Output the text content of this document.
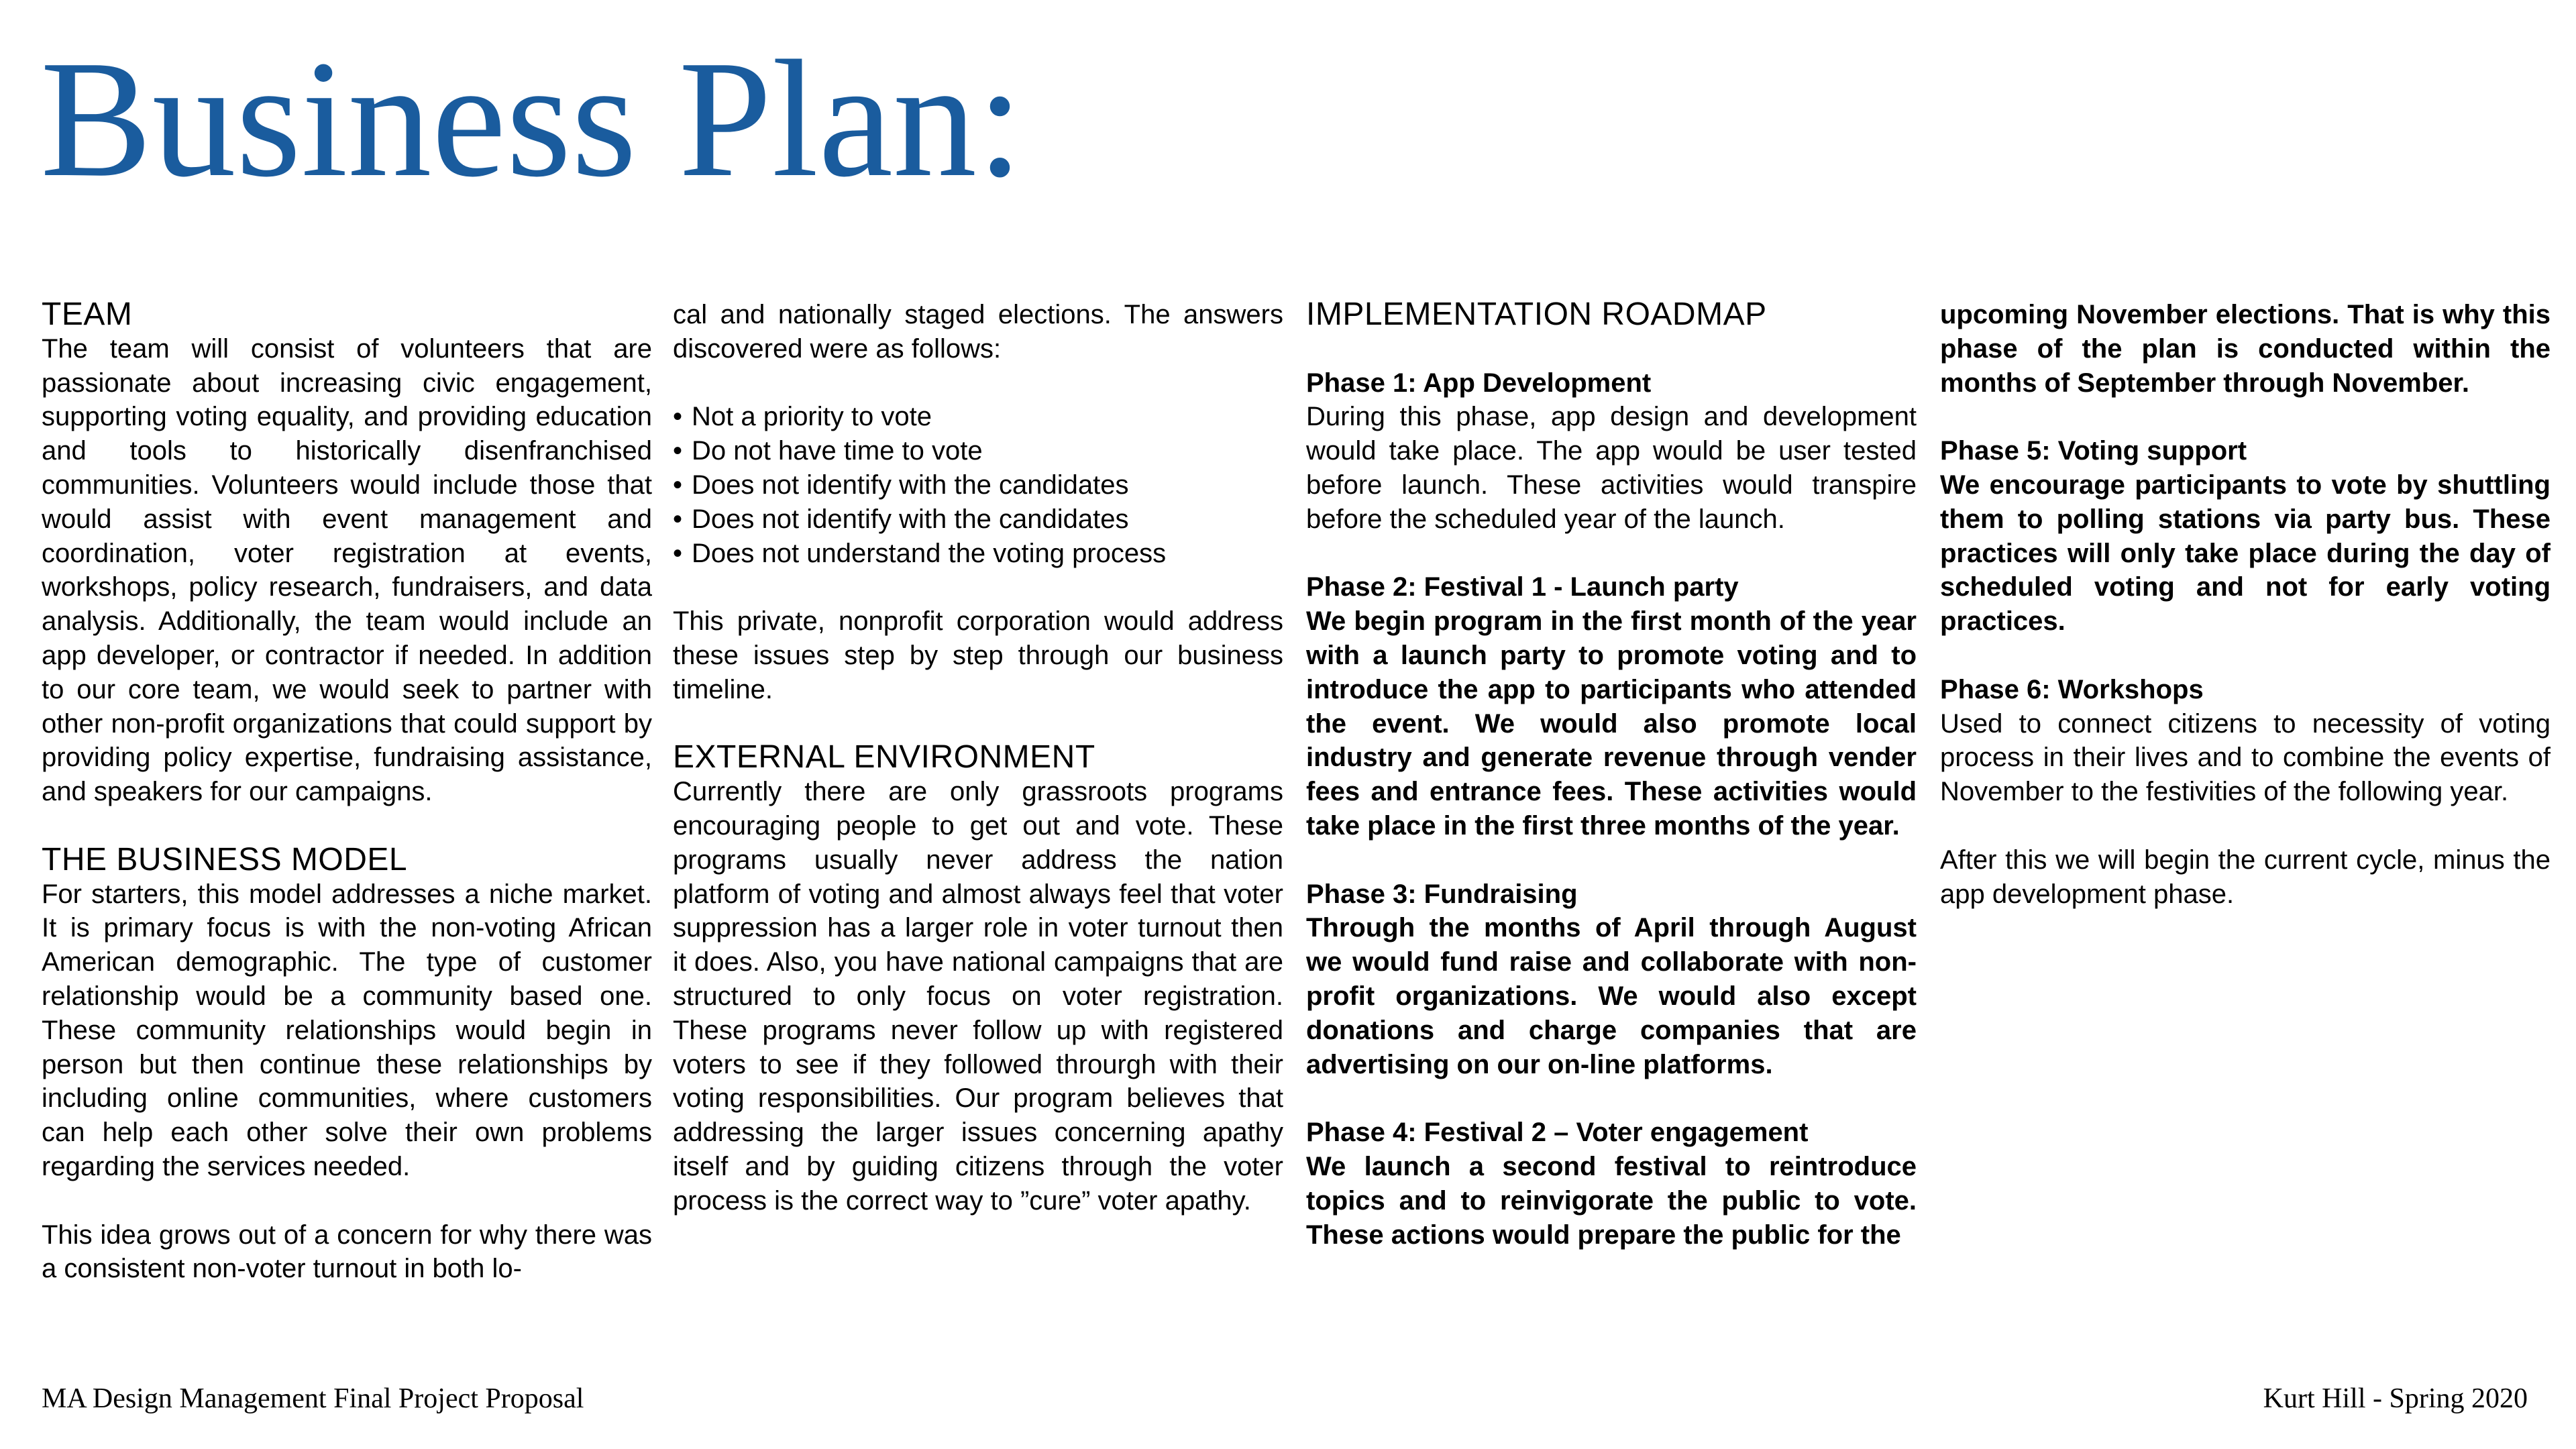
Business Plan:
TEAM

The team will consist of volunteers that are passionate about increasing civic engagement, supporting voting equality, and providing education and tools to historically disenfranchised communities. Volunteers would include those that would assist with event management and coordination, voter registration at events, workshops, policy research, fundraisers, and data analysis. Additionally, the team would include an app developer, or contractor if needed. In addition to our core team, we would seek to partner with other non-profit organizations that could support by providing policy expertise, fundraising assistance, and speakers for our campaigns.

THE BUSINESS MODEL

For starters, this model addresses a niche market. It is primary focus is with the non-voting African American demographic. The type of customer relationship would be a community based one. These community relationships would begin in person but then continue these relationships by including online communities, where customers can help each other solve their own problems regarding the services needed.

This idea grows out of a concern for why there was a consistent non-voter turnout in both lo-

cal and nationally staged elections. The answers discovered were as follows:

• Not a priority to vote
• Do not have time to vote
• Does not identify with the candidates
• Does not identify with the candidates
• Does not understand the voting process

This private, nonprofit corporation would address these issues step by step through our business timeline.

EXTERNAL ENVIRONMENT

Currently there are only grassroots programs encouraging people to get out and vote. These programs usually never address the nation platform of voting and almost always feel that voter suppression has a larger role in voter turnout then it does. Also, you have national campaigns that are structured to only focus on voter registration. These programs never follow up with registered voters to see if they followed throurgh with their voting responsibilities. Our program believes that addressing the larger issues concerning apathy itself and by guiding citizens through the voter process is the correct way to ”cure” voter apathy.

IMPLEMENTATION ROADMAP

Phase 1: App Development

During this phase, app design and development would take place. The app would be user tested before launch. These activities would transpire before the scheduled year of the launch.

Phase 2: Festival 1 - Launch party

We begin program in the first month of the year with a launch party to promote voting and to introduce the app to participants who attended the event. We would also promote local industry and generate revenue through vender fees and entrance fees. These activities would take place in the first three months of the year.

Phase 3: Fundraising

Through the months of April through August we would fund raise and collaborate with non-profit organizations. We would also except donations and charge companies that are advertising on our on-line platforms.

Phase 4: Festival 2 – Voter engagement

We launch a second festival to reintroduce topics and to reinvigorate the public to vote. These actions would prepare the public for the

upcoming November elections. That is why this phase of the plan is conducted within the months of September through November.

Phase 5: Voting support

We encourage participants to vote by shuttling them to polling stations via party bus. These practices will only take place during the day of scheduled voting and not for early voting practices.

Phase 6: Workshops

Used to connect citizens to necessity of voting process in their lives and to combine the events of November to the festivities of the following year.

After this we will begin the current cycle, minus the app development phase.

MA Design Management Final Project Proposal	Kurt Hill - Spring 2020
